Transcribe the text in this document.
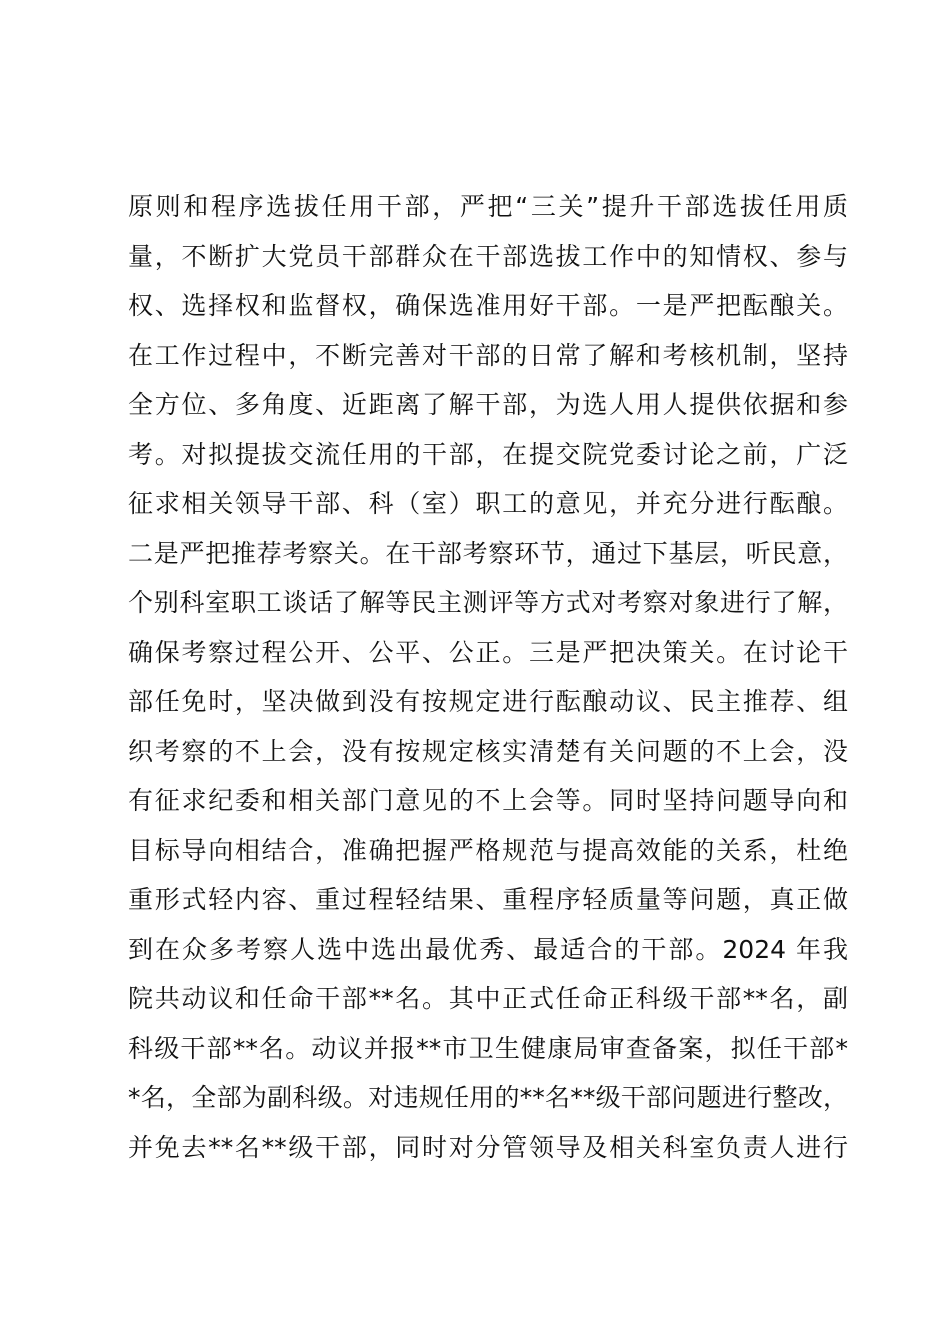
原则和程序选拔任用干部，严把“三关”提升干部选拔任用质
量，不断扩大党员干部群众在干部选拔工作中的知情权、参与
权、选择权和监督权，确保选准用好干部。一是严把酝酿关。
在工作过程中，不断完善对干部的日常了解和考核机制，坚持
全方位、多角度、近距离了解干部，为选人用人提供依据和参
考。对拟提拔交流任用的干部，在提交院党委讨论之前，广泛
征求相关领导干部、科（室）职工的意见，并充分进行酝酿。
二是严把推荐考察关。在干部考察环节，通过下基层，听民意，
个别科室职工谈话了解等民主测评等方式对考察对象进行了解，
确保考察过程公开、公平、公正。三是严把决策关。在讨论干
部任免时，坚决做到没有按规定进行酝酿动议、民主推荐、组
织考察的不上会，没有按规定核实清楚有关问题的不上会，没
有征求纪委和相关部门意见的不上会等。同时坚持问题导向和
目标导向相结合，准确把握严格规范与提高效能的关系，杜绝
重形式轻内容、重过程轻结果、重程序轻质量等问题，真正做
到在众多考察人选中选出最优秀、最适合的干部。2024 年我
院共动议和任命干部**名。其中正式任命正科级干部**名，副
科级干部**名。动议并报**市卫生健康局审查备案，拟任干部*
*名，全部为副科级。对违规任用的**名**级干部问题进行整改，
并免去**名**级干部，同时对分管领导及相关科室负责人进行
